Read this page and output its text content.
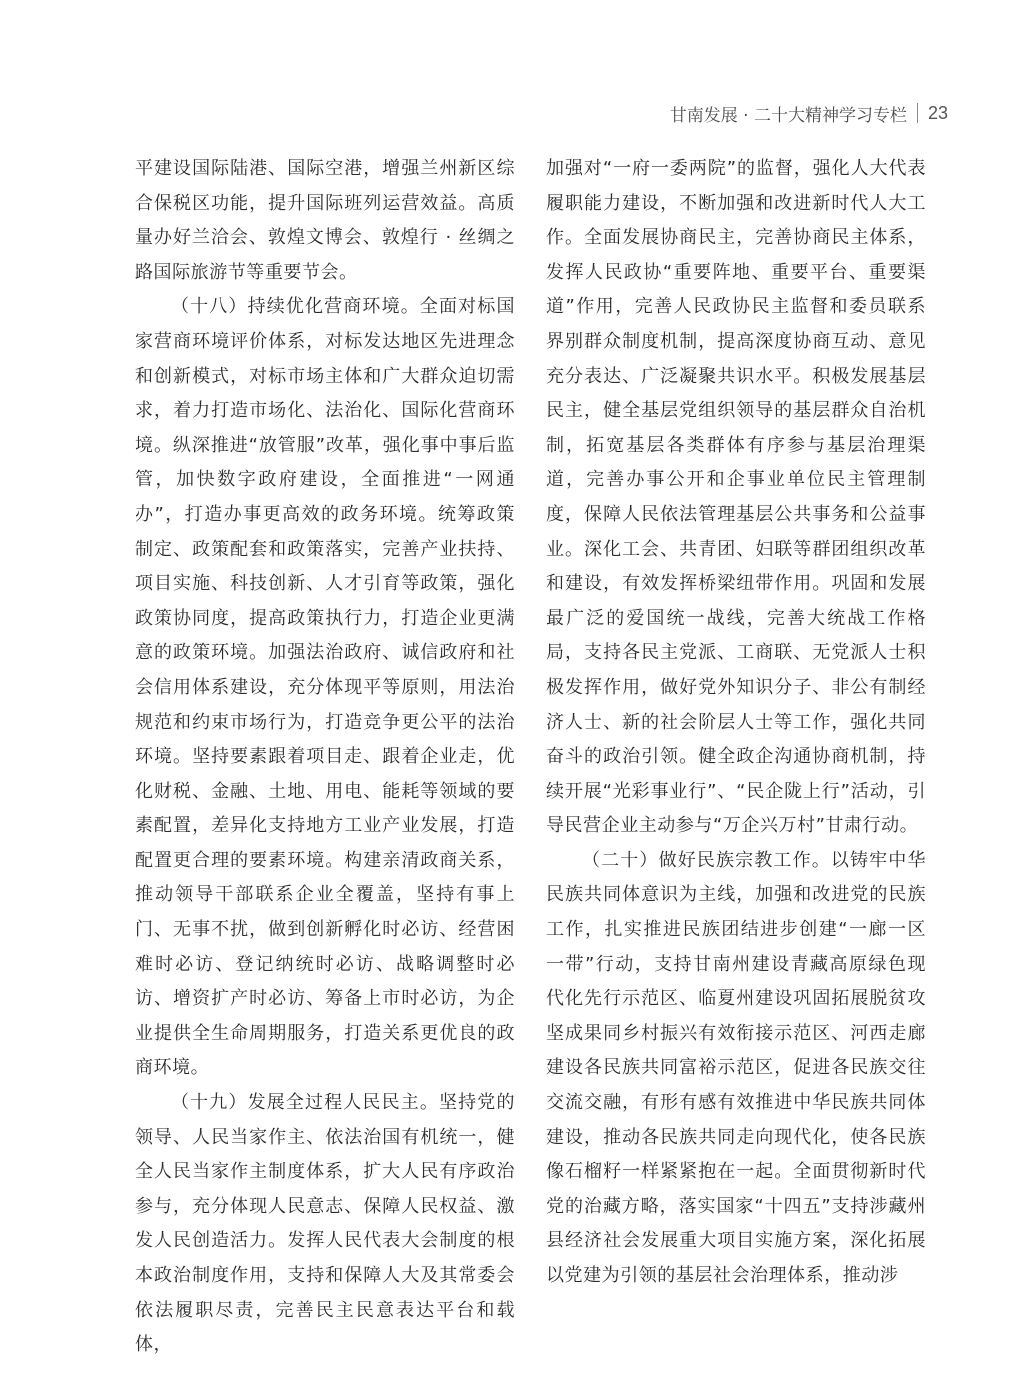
甘南发展 · 二十大精神学习专栏 23

平建设国际陆港、国际空港，增强兰州新区综合保税区功能，提升国际班列运营效益。高质量办好兰洽会、敦煌文博会、敦煌行 · 丝绸之路国际旅游节等重要节会。

（十八）持续优化营商环境。全面对标国家营商环境评价体系，对标发达地区先进理念和创新模式，对标市场主体和广大群众迫切需求，着力打造市场化、法治化、国际化营商环境。纵深推进“放管服”改革，强化事中事后监管，加快数字政府建设，全面推进“一网通办”，打造办事更高效的政务环境。统筹政策制定、政策配套和政策落实，完善产业扶持、项目实施、科技创新、人才引育等政策，强化政策协同度，提高政策执行力，打造企业更满意的政策环境。加强法治政府、诚信政府和社会信用体系建设，充分体现平等原则，用法治规范和约束市场行为，打造竞争更公平的法治环境。坚持要素跟着项目走、跟着企业走，优化财税、金融、土地、用电、能耗等领域的要素配置，差异化支持地方工业产业发展，打造配置更合理的要素环境。构建亲清政商关系，推动领导干部联系企业全覆盖，坚持有事上门、无事不扰，做到创新孵化时必访、经营困难时必访、登记纳统时必访、战略调整时必访、增资扩产时必访、筹备上市时必访，为企业提供全生命周期服务，打造关系更优良的政商环境。

（十九）发展全过程人民民主。坚持党的领导、人民当家作主、依法治国有机统一，健全人民当家作主制度体系，扩大人民有序政治参与，充分体现人民意志、保障人民权益、激发人民创造活力。发挥人民代表大会制度的根本政治制度作用，支持和保障人大及其常委会依法履职尽责，完善民主民意表达平台和载体，

加强对“一府一委两院”的监督，强化人大代表履职能力建设，不断加强和改进新时代人大工作。全面发展协商民主，完善协商民主体系，发挥人民政协“重要阵地、重要平台、重要渠道”作用，完善人民政协民主监督和委员联系界别群众制度机制，提高深度协商互动、意见充分表达、广泛凝聚共识水平。积极发展基层民主，健全基层党组织领导的基层群众自治机制，拓宽基层各类群体有序参与基层治理渠道，完善办事公开和企事业单位民主管理制度，保障人民依法管理基层公共事务和公益事业。深化工会、共青团、妇联等群团组织改革和建设，有效发挥桥梁纽带作用。巩固和发展最广泛的爱国统一战线，完善大统战工作格局，支持各民主党派、工商联、无党派人士积极发挥作用，做好党外知识分子、非公有制经济人士、新的社会阶层人士等工作，强化共同奋斗的政治引领。健全政企沟通协商机制，持续开展“光彩事业行”、“民企陇上行”活动，引导民营企业主动参与“万企兴万村”甘肃行动。

（二十）做好民族宗教工作。以铸牢中华民族共同体意识为主线，加强和改进党的民族工作，扎实推进民族团结进步创建“一廊一区一带”行动，支持甘南州建设青藏高原绿色现代化先行示范区、临夏州建设巩固拓展脱贫攻坚成果同乡村振兴有效衔接示范区、河西走廊建设各民族共同富裕示范区，促进各民族交往交流交融，有形有感有效推进中华民族共同体建设，推动各民族共同走向现代化，使各民族像石榴籽一样紧紧抱在一起。全面贯彻新时代党的治藏方略，落实国家“十四五”支持涉藏州县经济社会发展重大项目实施方案，深化拓展以党建为引领的基层社会治理体系，推动涉
